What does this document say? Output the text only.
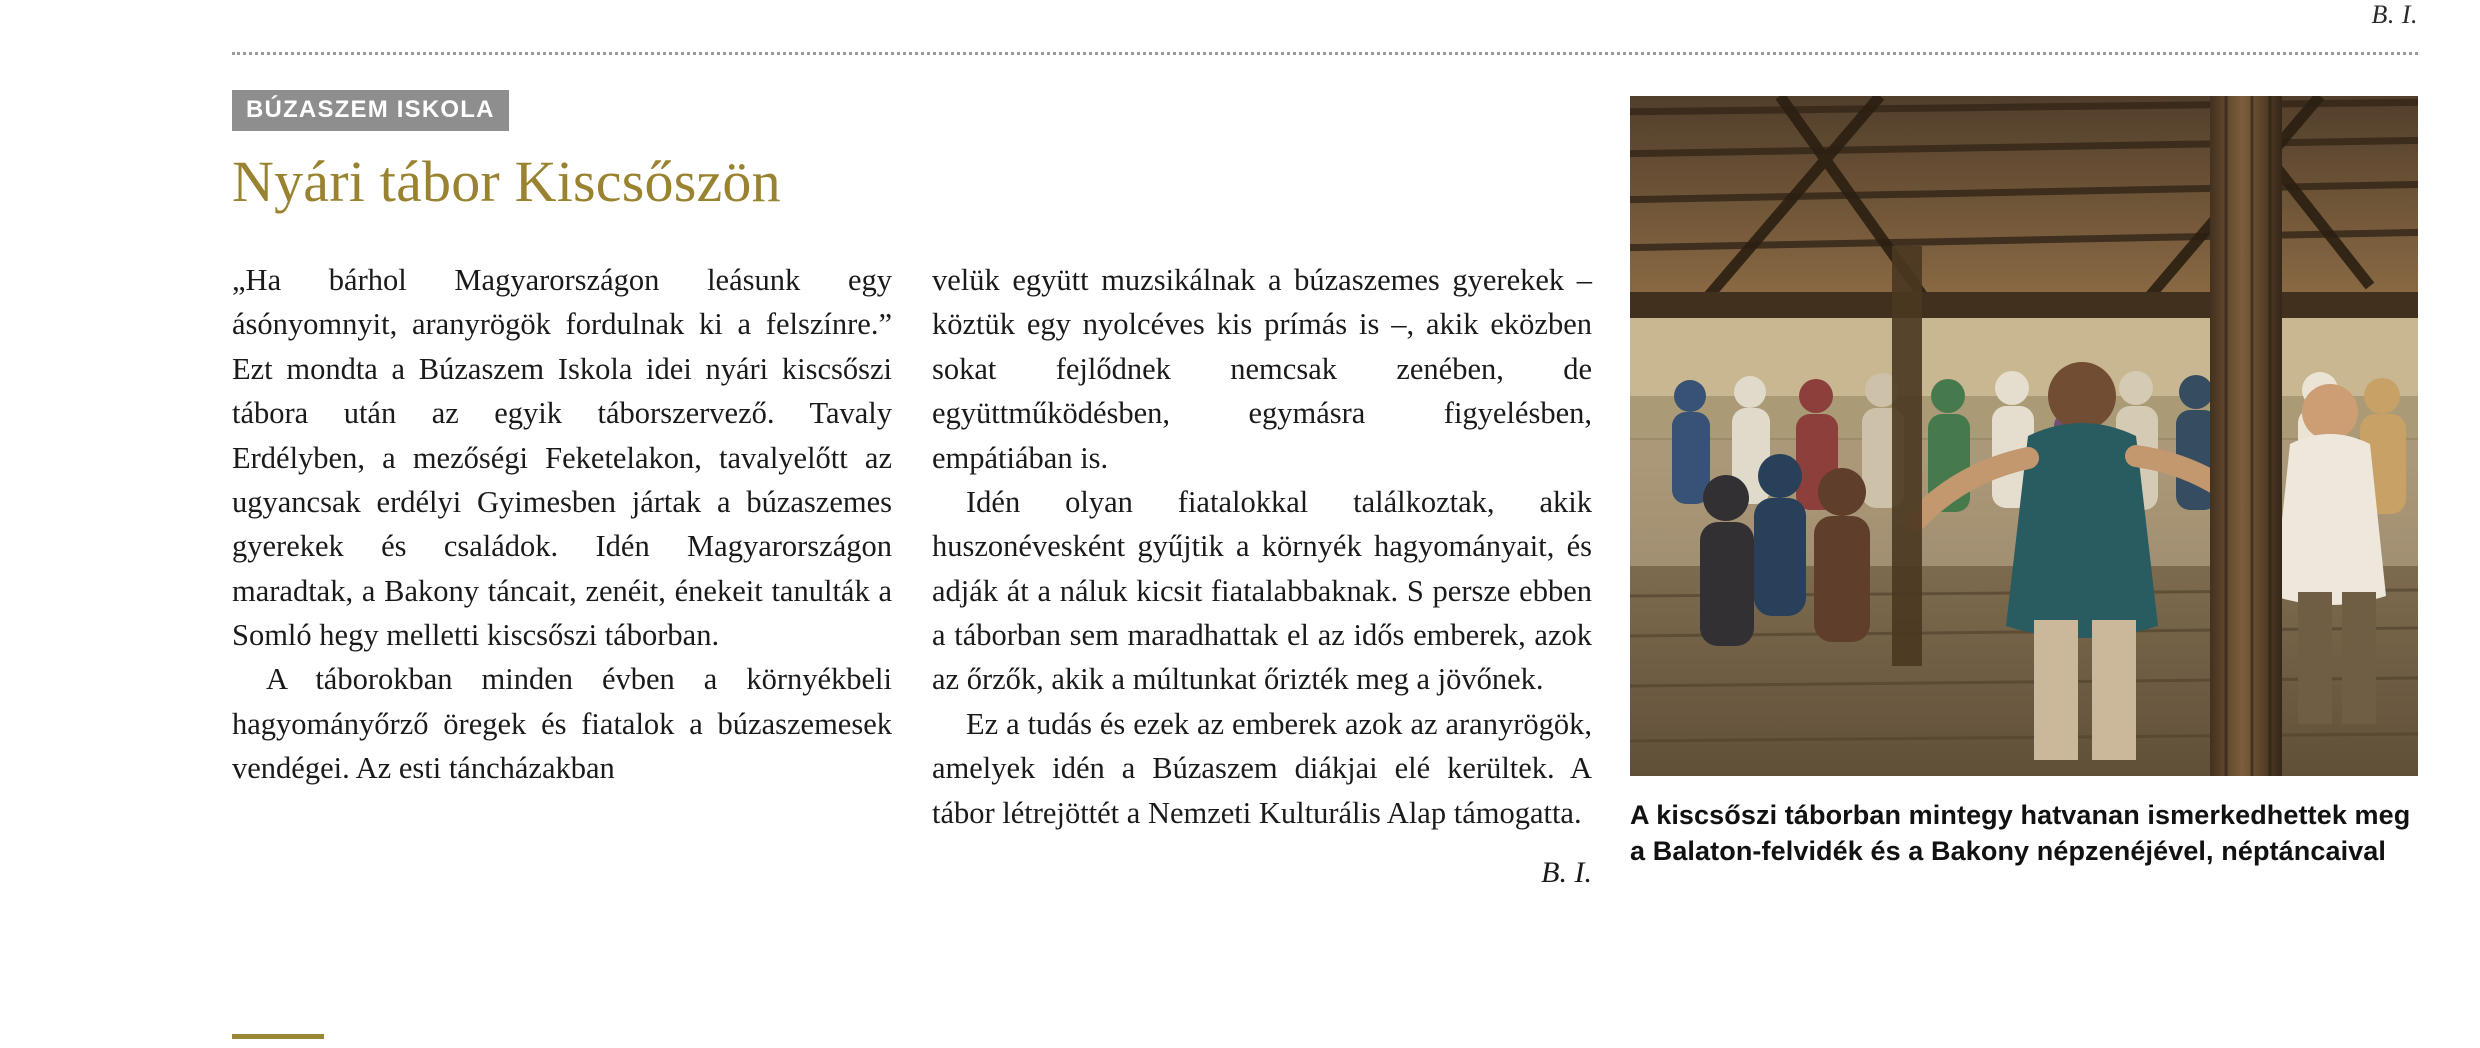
B. I.
BÚZASZEM ISKOLA
Nyári tábor Kiscsőszön

„Ha bárhol Magyarországon leásunk egy ásónyomnyit, aranyrögök fordulnak ki a felszínre.” Ezt mondta a Búzaszem Iskola idei nyári kiscsőszi tábora után az egyik táborszervező. Tavaly Erdélyben, a mezőségi Feketelakon, tavalyelőtt az ugyancsak erdélyi Gyimesben jártak a búzaszemes gyerekek és családok. Idén Magyarországon maradtak, a Bakony táncait, zenéit, énekeit tanulták a Somló hegy melletti kiscsőszi táborban.

A táborokban minden évben a környékbeli hagyományőrző öregek és fiatalok a búzaszemesek vendégei. Az esti táncházakban

velük együtt muzsikálnak a búzaszemes gyerekek – köztük egy nyolcéves kis prímás is –, akik eközben sokat fejlődnek nemcsak zenében, de együttműködésben, egymásra figyelésben, empátiában is.

Idén olyan fiatalokkal találkoztak, akik huszonévesként gyűjtik a környék hagyományait, és adják át a náluk kicsit fiatalabbaknak. S persze ebben a táborban sem maradhattak el az idős emberek, azok az őrzők, akik a múltunkat őrizték meg a jövőnek.

Ez a tudás és ezek az emberek azok az aranyrögök, amelyek idén a Búzaszem diákjai elé kerültek. A tábor létrejöttét a Nemzeti Kulturális Alap támogatta.

B. I.
A kiscsőszi táborban mintegy hatvanan ismerkedhettek meg a Balaton-felvidék és a Bakony népzenéjével, néptáncaival
